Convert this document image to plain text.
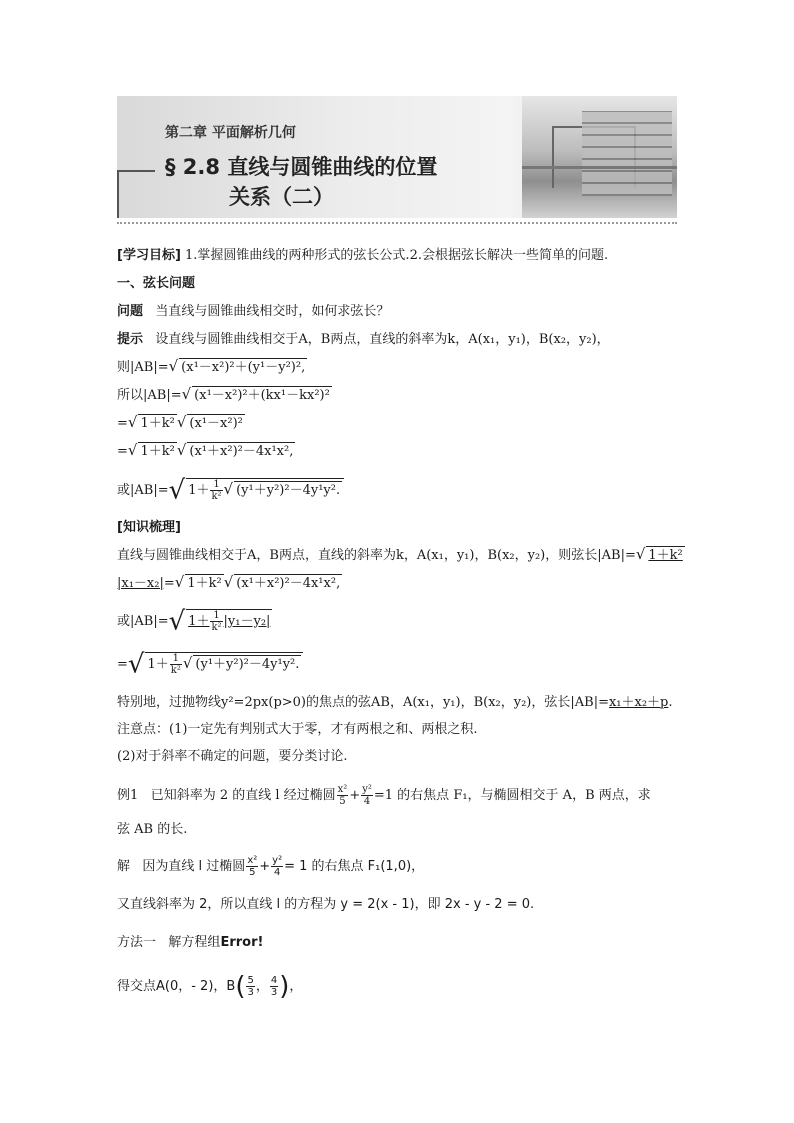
第二章 平面解析几何
§ 2.8 直线与圆锥曲线的位置
关系（二）
[学习目标] 1.掌握圆锥曲线的两种形式的弦长公式.2.会根据弦长解决一些简单的问题.
一、弦长问题
问题 当直线与圆锥曲线相交时，如何求弦长？
提示 设直线与圆锥曲线相交于A，B两点，直线的斜率为k，A(x₁，y₁)，B(x₂，y₂)，
则|AB|=√ (x¹－x²)²＋(y¹－y²)²,
所以|AB|=√ (x¹－x²)²＋(kx¹－kx²)²
=√ 1＋k² √ (x¹－x²)²
=√ 1＋k² √ (x¹＋x²)²－4x¹x²,
或|AB|=√ $1+ \frac{1}{\text{k²}}$ √ (y¹＋y²)²－4y¹y².
[知识梳理]
直线与圆锥曲线相交于A，B两点，直线的斜率为k，A(x₁，y₁)，B(x₂，y₂)，则弦长|AB|=√ 1＋k²
|x₁－x₂|=√ 1＋k² √ (x¹＋x²)²－4x¹x²,
或|AB|=√ $1+ \frac{1}{\text{k²}} |y_1-y_2|$
=√ $1+ \frac{1}{\text{k²}}$ √ (y¹＋y²)²－4y¹y².
特别地，过抛物线y²=2px(p>0)的焦点的弦AB，A(x₁，y₁)，B(x₂，y₂)，弦长|AB|=x₁＋x₂＋p.
注意点：(1)一定先有判别式大于零，才有两根之和、两根之积.
(2)对于斜率不确定的问题，要分类讨论.
例1 已知斜率为 2 的直线 l 经过椭圆 $\frac{\text{x²}}{5} + \frac{\text{y²}}{4} =1$ 的右焦点 F₁，与椭圆相交于 A，B 两点，求
弦 AB 的长.
解 因为直线 l 过椭圆 $\frac{\text{x²}}{5} + \frac{\text{y²}}{4} = 1$ 的右焦点 F₁(1,0)，
又直线斜率为 2，所以直线 l 的方程为 y = 2(x - 1)，即 2x - y - 2 = 0.
方法一 解方程组Error!
得交点A(0，- 2)，$B( \frac{5}{3}$ ， $\frac{4}{3}$ )，
